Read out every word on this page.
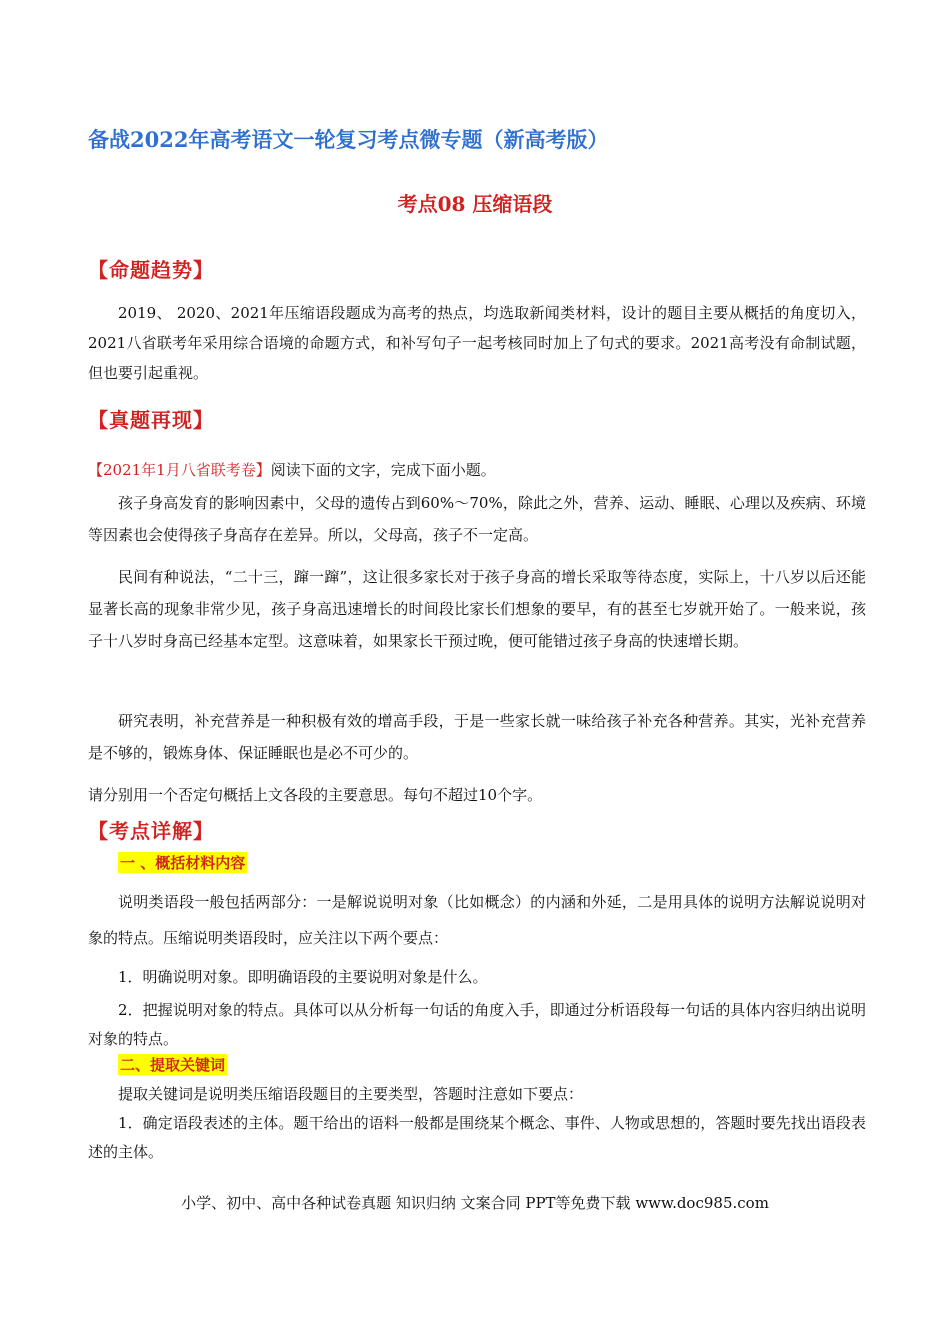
备战2022年高考语文一轮复习考点微专题（新高考版）
考点08 压缩语段
【命题趋势】
2019、 2020、2021年压缩语段题成为高考的热点，均选取新闻类材料，设计的题目主要从概括的角度切入，2021八省联考年采用综合语境的命题方式，和补写句子一起考核同时加上了句式的要求。2021高考没有命制试题，但也要引起重视。
【真题再现】
【2021年1月八省联考卷】阅读下面的文字，完成下面小题。
孩子身高发育的影响因素中，父母的遗传占到60%～70%，除此之外，营养、运动、睡眠、心理以及疾病、环境等因素也会使得孩子身高存在差异。所以，父母高，孩子不一定高。
民间有种说法，“二十三，蹿一蹿”，这让很多家长对于孩子身高的增长采取等待态度，实际上，十八岁以后还能显著长高的现象非常少见，孩子身高迅速增长的时间段比家长们想象的要早，有的甚至七岁就开始了。一般来说，孩子十八岁时身高已经基本定型。这意味着，如果家长干预过晚，便可能错过孩子身高的快速增长期。
研究表明，补充营养是一种积极有效的增高手段，于是一些家长就一味给孩子补充各种营养。其实，光补充营养是不够的，锻炼身体、保证睡眠也是必不可少的。
请分别用一个否定句概括上文各段的主要意思。每句不超过10个字。
【考点详解】
一 、概括材料内容
说明类语段一般包括两部分：一是解说说明对象（比如概念）的内涵和外延，二是用具体的说明方法解说说明对象的特点。压缩说明类语段时，应关注以下两个要点：
1．明确说明对象。即明确语段的主要说明对象是什么。
2．把握说明对象的特点。具体可以从分析每一句话的角度入手，即通过分析语段每一句话的具体内容归纳出说明对象的特点。
二、提取关键词
提取关键词是说明类压缩语段题目的主要类型，答题时注意如下要点：
1．确定语段表述的主体。题干给出的语料一般都是围绕某个概念、事件、人物或思想的，答题时要先找出语段表述的主体。
小学、初中、高中各种试卷真题 知识归纳 文案合同 PPT等免费下载 www.doc985.com
